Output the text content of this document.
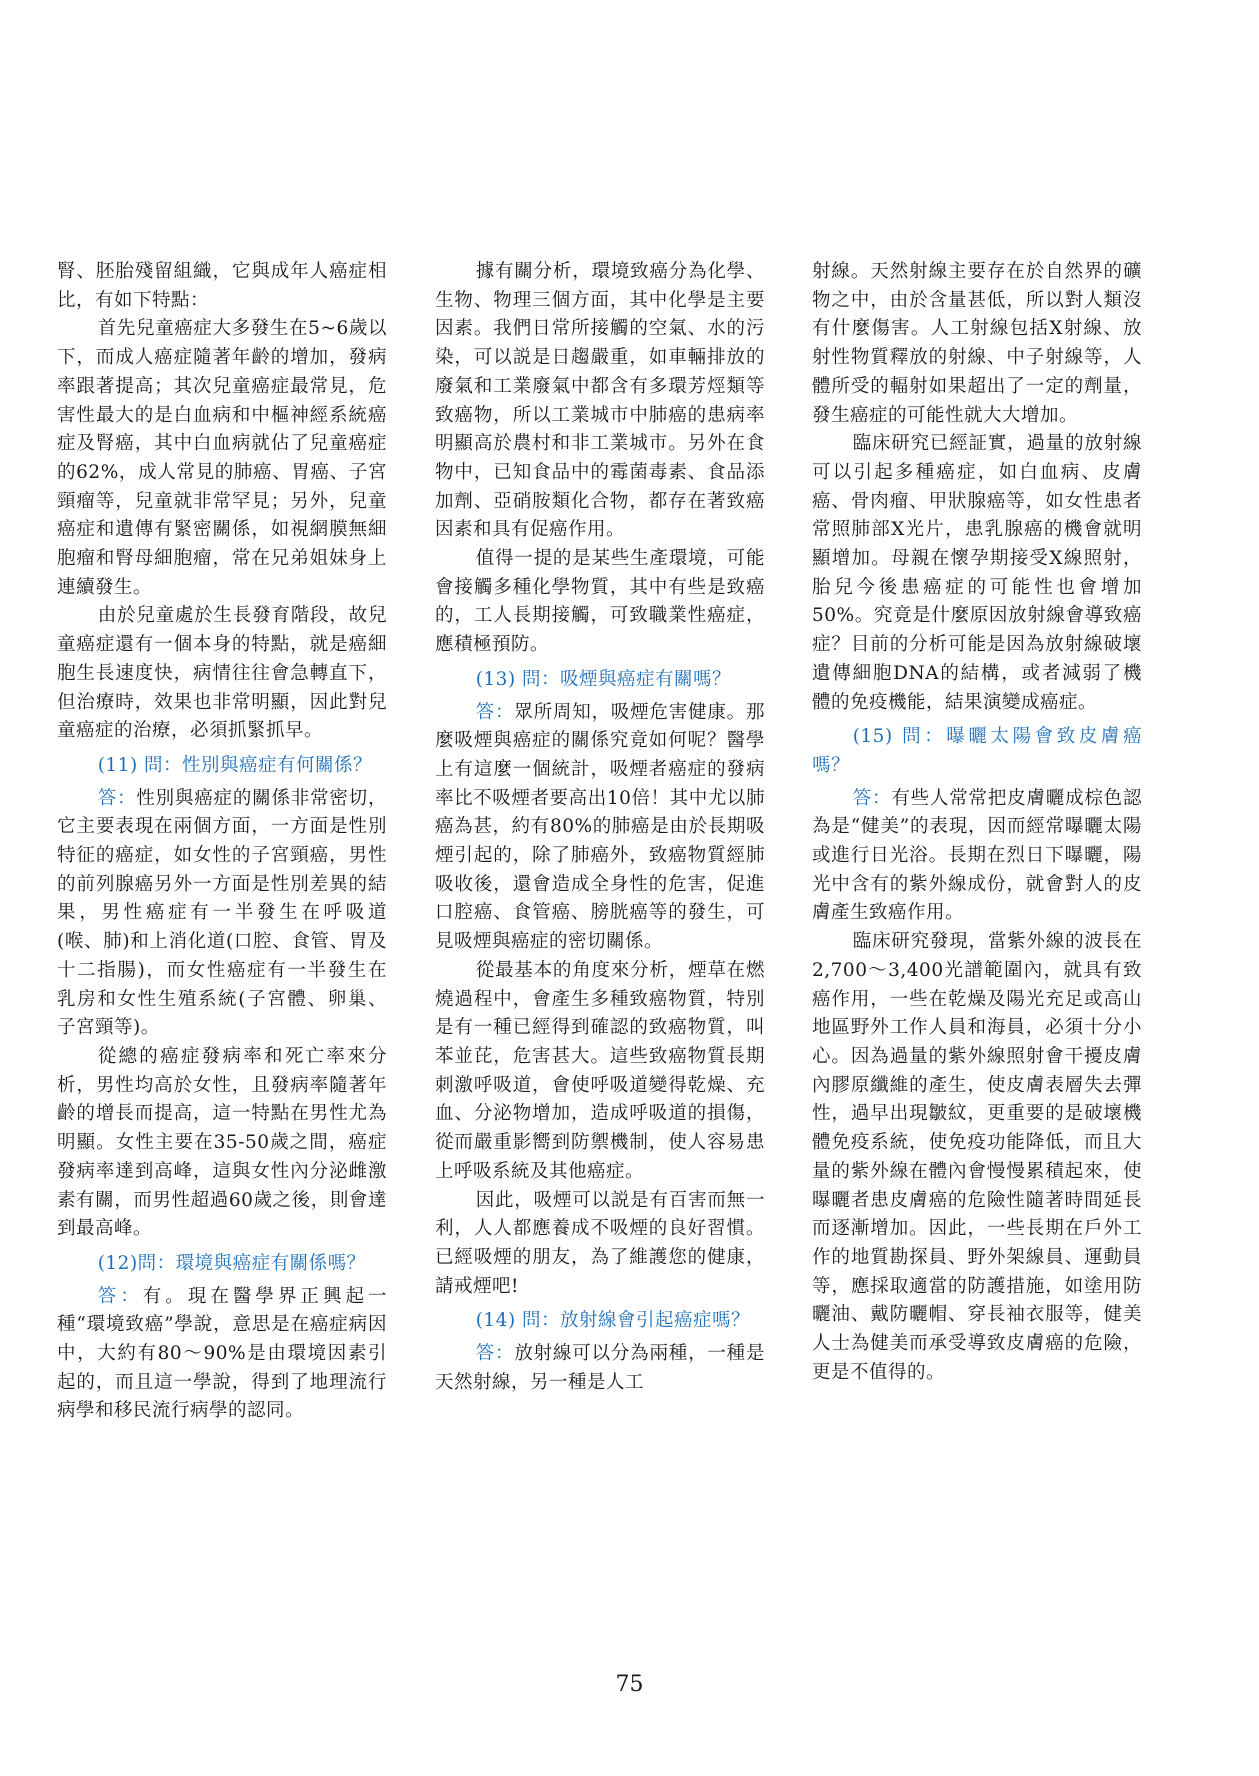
腎、胚胎殘留組織，它與成年人癌症相比，有如下特點：

首先兒童癌症大多發生在5~6歲以下，而成人癌症隨著年齡的增加，發病率跟著提高；其次兒童癌症最常見，危害性最大的是白血病和中樞神經系統癌症及腎癌，其中白血病就佔了兒童癌症的62%，成人常見的肺癌、胃癌、子宮頸瘤等，兒童就非常罕見；另外，兒童癌症和遺傳有緊密關係，如視網膜無細胞瘤和腎母細胞瘤，常在兄弟姐妹身上連續發生。

由於兒童處於生長發育階段，故兒童癌症還有一個本身的特點，就是癌細胞生長速度快，病情往往會急轉直下，但治療時，效果也非常明顯，因此對兒童癌症的治療，必須抓緊抓早。

(11) 問：性別與癌症有何關係？

答：性別與癌症的關係非常密切，它主要表現在兩個方面，一方面是性別特征的癌症，如女性的子宮頸癌，男性的前列腺癌另外一方面是性別差異的結果，男性癌症有一半發生在呼吸道(喉、肺)和上消化道(口腔、食管、胃及十二指腸)，而女性癌症有一半發生在乳房和女性生殖系統(子宮體、卵巢、子宮頸等)。

從總的癌症發病率和死亡率來分析，男性均高於女性，且發病率隨著年齡的增長而提高，這一特點在男性尤為明顯。女性主要在35-50歲之間，癌症發病率達到高峰，這與女性內分泌雌激素有關，而男性超過60歲之後，則會達到最高峰。

(12)問：環境與癌症有關係嗎？

答：有。現在醫學界正興起一種“環境致癌”學說，意思是在癌症病因中，大約有80～90%是由環境因素引起的，而且這一學說，得到了地理流行病學和移民流行病學的認同。

據有關分析，環境致癌分為化學、生物、物理三個方面，其中化學是主要因素。我們日常所接觸的空氣、水的污染，可以説是日趨嚴重，如車輛排放的廢氣和工業廢氣中都含有多環芳烴類等致癌物，所以工業城市中肺癌的患病率明顯高於農村和非工業城市。另外在食物中，已知食品中的霉菌毒素、食品添加劑、亞硝胺類化合物，都存在著致癌因素和具有促癌作用。

值得一提的是某些生產環境，可能會接觸多種化學物質，其中有些是致癌的，工人長期接觸，可致職業性癌症，應積極預防。

(13) 問：吸煙與癌症有關嗎？

答：眾所周知，吸煙危害健康。那麼吸煙與癌症的關係究竟如何呢？醫學上有這麼一個統計，吸煙者癌症的發病率比不吸煙者要高出10倍！其中尤以肺癌為甚，約有80%的肺癌是由於長期吸煙引起的，除了肺癌外，致癌物質經肺吸收後，還會造成全身性的危害，促進口腔癌、食管癌、膀胱癌等的發生，可見吸煙與癌症的密切關係。

從最基本的角度來分析，煙草在燃燒過程中，會產生多種致癌物質，特別是有一種已經得到確認的致癌物質，叫苯並芘，危害甚大。這些致癌物質長期刺激呼吸道，會使呼吸道變得乾燥、充血、分泌物增加，造成呼吸道的損傷，從而嚴重影嚮到防禦機制，使人容易患上呼吸系統及其他癌症。

因此，吸煙可以説是有百害而無一利，人人都應養成不吸煙的良好習慣。已經吸煙的朋友，為了維護您的健康，請戒煙吧!

(14) 問：放射線會引起癌症嗎？

答：放射線可以分為兩種，一種是天然射線，另一種是人工

射線。天然射線主要存在於自然界的礦物之中，由於含量甚低，所以對人類沒有什麼傷害。人工射線包括X射線、放射性物質釋放的射線、中子射線等，人體所受的輻射如果超出了一定的劑量，發生癌症的可能性就大大增加。

臨床研究已經証實，過量的放射線可以引起多種癌症，如白血病、皮膚癌、骨肉瘤、甲狀腺癌等，如女性患者常照肺部X光片，患乳腺癌的機會就明顯增加。母親在懷孕期接受X線照射，胎兒今後患癌症的可能性也會增加50%。究竟是什麼原因放射線會導致癌症？目前的分析可能是因為放射線破壞遺傳細胞DNA的結構，或者減弱了機體的免疫機能，結果演變成癌症。

(15) 問：曝曬太陽會致皮膚癌嗎？

答：有些人常常把皮膚曬成棕色認為是“健美”的表現，因而經常曝曬太陽或進行日光浴。長期在烈日下曝曬，陽光中含有的紫外線成份，就會對人的皮膚產生致癌作用。

臨床研究發現，當紫外線的波長在2,700～3,400光譜範圍內，就具有致癌作用，一些在乾燥及陽光充足或高山地區野外工作人員和海員，必須十分小心。因為過量的紫外線照射會干擾皮膚內膠原纖維的產生，使皮膚表層失去彈性，過早出現皺紋，更重要的是破壞機體免疫系統，使免疫功能降低，而且大量的紫外線在體內會慢慢累積起來，使曝曬者患皮膚癌的危險性隨著時間延長而逐漸增加。因此，一些長期在戶外工作的地質勘探員、野外架線員、運動員等，應採取適當的防護措施，如塗用防曬油、戴防曬帽、穿長袖衣服等，健美人士為健美而承受導致皮膚癌的危險，更是不值得的。

75
